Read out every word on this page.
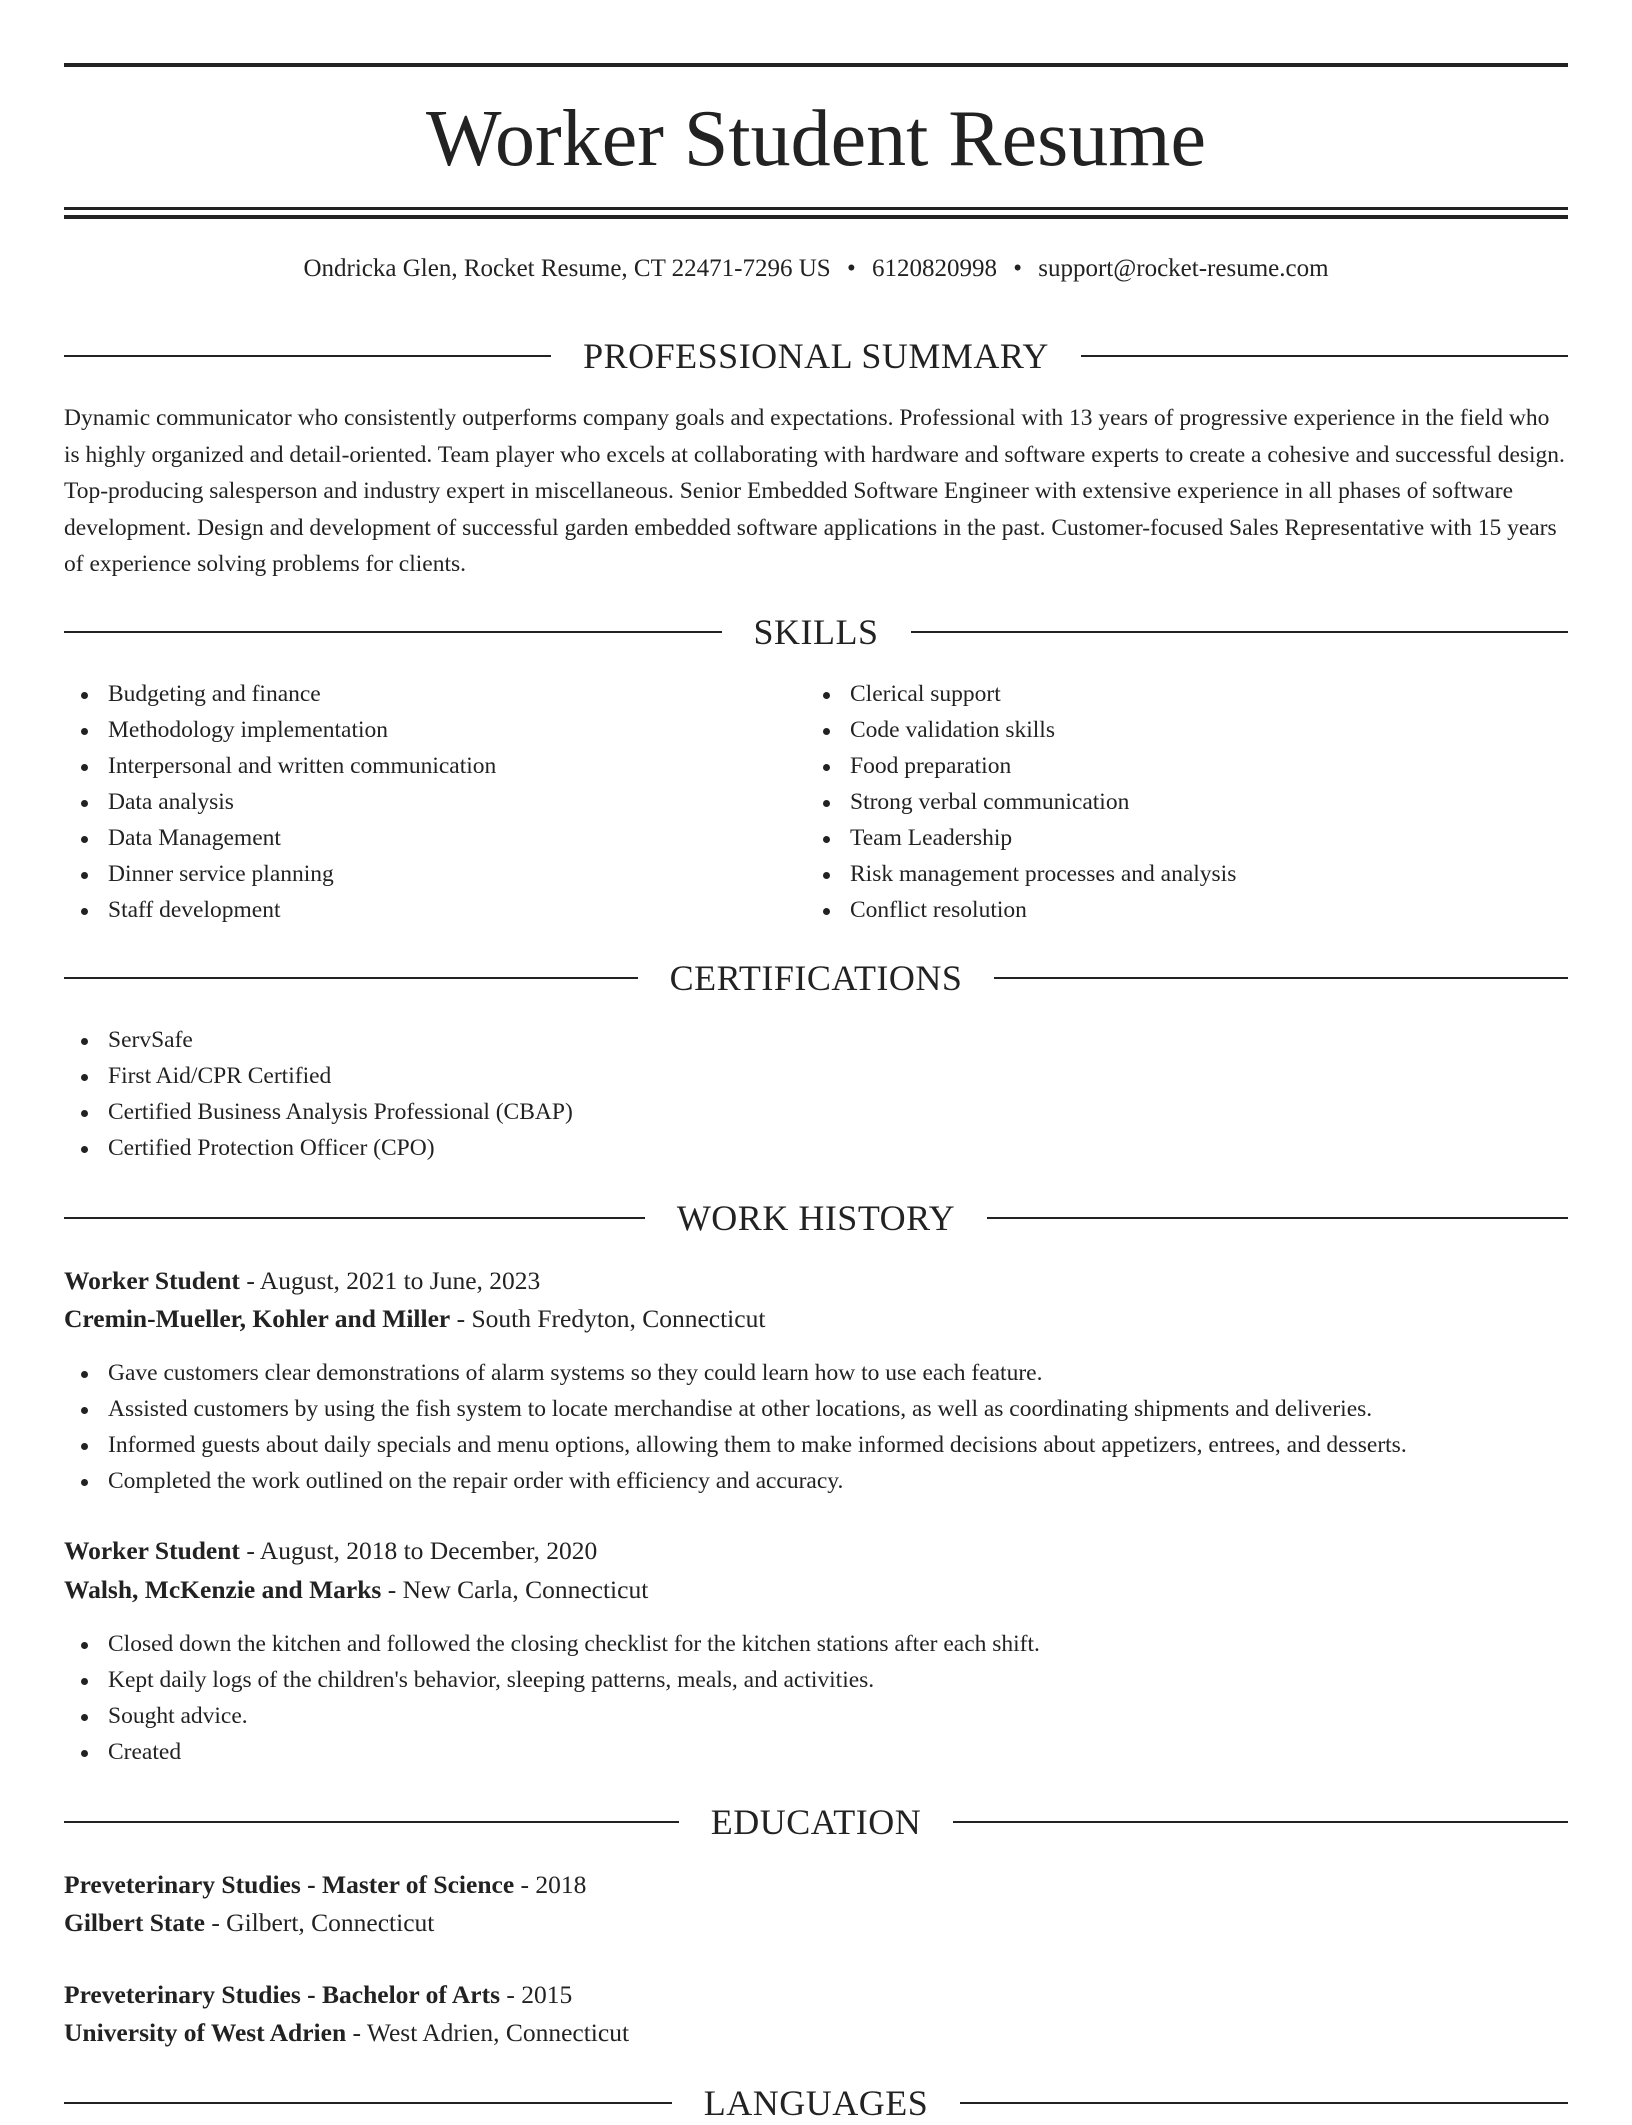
Worker Student Resume
Ondricka Glen, Rocket Resume, CT 22471-7296 US • 6120820998 • support@rocket-resume.com
PROFESSIONAL SUMMARY

Dynamic communicator who consistently outperforms company goals and expectations. Professional with 13 years of progressive experience in the field who is highly organized and detail-oriented. Team player who excels at collaborating with hardware and software experts to create a cohesive and successful design. Top-producing salesperson and industry expert in miscellaneous. Senior Embedded Software Engineer with extensive experience in all phases of software development. Design and development of successful garden embedded software applications in the past. Customer-focused Sales Representative with 15 years of experience solving problems for clients.

SKILLS
Budgeting and finance
Methodology implementation
Interpersonal and written communication
Data analysis
Data Management
Dinner service planning
Staff development
Clerical support
Code validation skills
Food preparation
Strong verbal communication
Team Leadership
Risk management processes and analysis
Conflict resolution
CERTIFICATIONS
ServSafe
First Aid/CPR Certified
Certified Business Analysis Professional (CBAP)
Certified Protection Officer (CPO)
WORK HISTORY
Worker Student - August, 2021 to June, 2023
Cremin-Mueller, Kohler and Miller - South Fredyton, Connecticut
Gave customers clear demonstrations of alarm systems so they could learn how to use each feature.
Assisted customers by using the fish system to locate merchandise at other locations, as well as coordinating shipments and deliveries.
Informed guests about daily specials and menu options, allowing them to make informed decisions about appetizers, entrees, and desserts.
Completed the work outlined on the repair order with efficiency and accuracy.
Worker Student - August, 2018 to December, 2020
Walsh, McKenzie and Marks - New Carla, Connecticut
Closed down the kitchen and followed the closing checklist for the kitchen stations after each shift.
Kept daily logs of the children's behavior, sleeping patterns, meals, and activities.
Sought advice.
Created
EDUCATION
Preveterinary Studies - Master of Science - 2018
Gilbert State - Gilbert, Connecticut
Preveterinary Studies - Bachelor of Arts - 2015
University of West Adrien - West Adrien, Connecticut
LANGUAGES
